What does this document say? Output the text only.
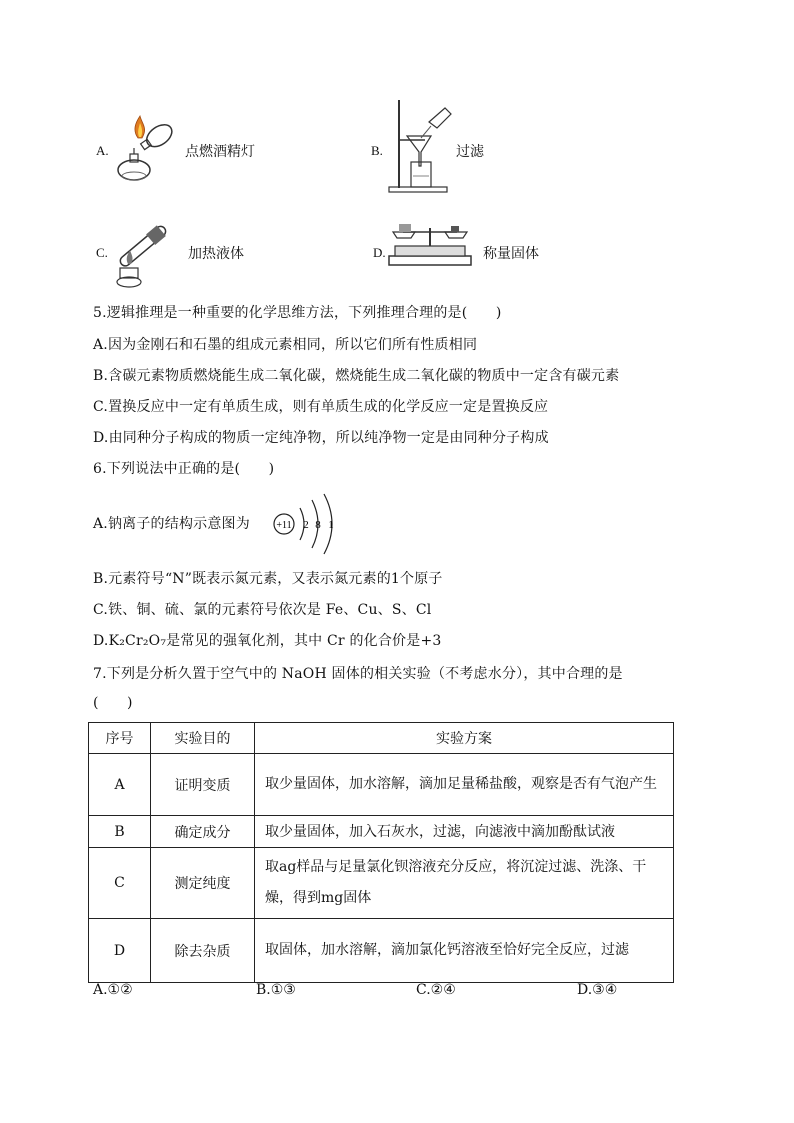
A.	点燃酒精灯	B.	过滤
C.	加热液体	D.	称量固体
5.逻辑推理是一种重要的化学思维方法，下列推理合理的是(　　)
A.因为金刚石和石墨的组成元素相同，所以它们所有性质相同
B.含碳元素物质燃烧能生成二氧化碳，燃烧能生成二氧化碳的物质中一定含有碳元素
C.置换反应中一定有单质生成，则有单质生成的化学反应一定是置换反应
D.由同种分子构成的物质一定纯净物，所以纯净物一定是由同种分子构成
6.下列说法中正确的是(　　)
A.钠离子的结构示意图为	+11 2 8 1
B.元素符号“N”既表示氮元素，又表示氮元素的1个原子
C.铁、铜、硫、氯的元素符号依次是 Fe、Cu、S、Cl
D.K₂Cr₂O₇是常见的强氧化剂，其中 Cr 的化合价是+3
7.下列是分析久置于空气中的 NaOH 固体的相关实验（不考虑水分），其中合理的是
(　　)
序号	实验目的	实验方案
A	证明变质	取少量固体，加水溶解，滴加足量稀盐酸，观察是否有气泡产生
B	确定成分	取少量固体，加入石灰水，过滤，向滤液中滴加酚酞试液
C	测定纯度	取ag样品与足量氯化钡溶液充分反应，将沉淀过滤、洗涤、干燥，得到mg固体
D	除去杂质	取固体，加水溶解，滴加氯化钙溶液至恰好完全反应，过滤
A.①②	B.①③	C.②④	D.③④
